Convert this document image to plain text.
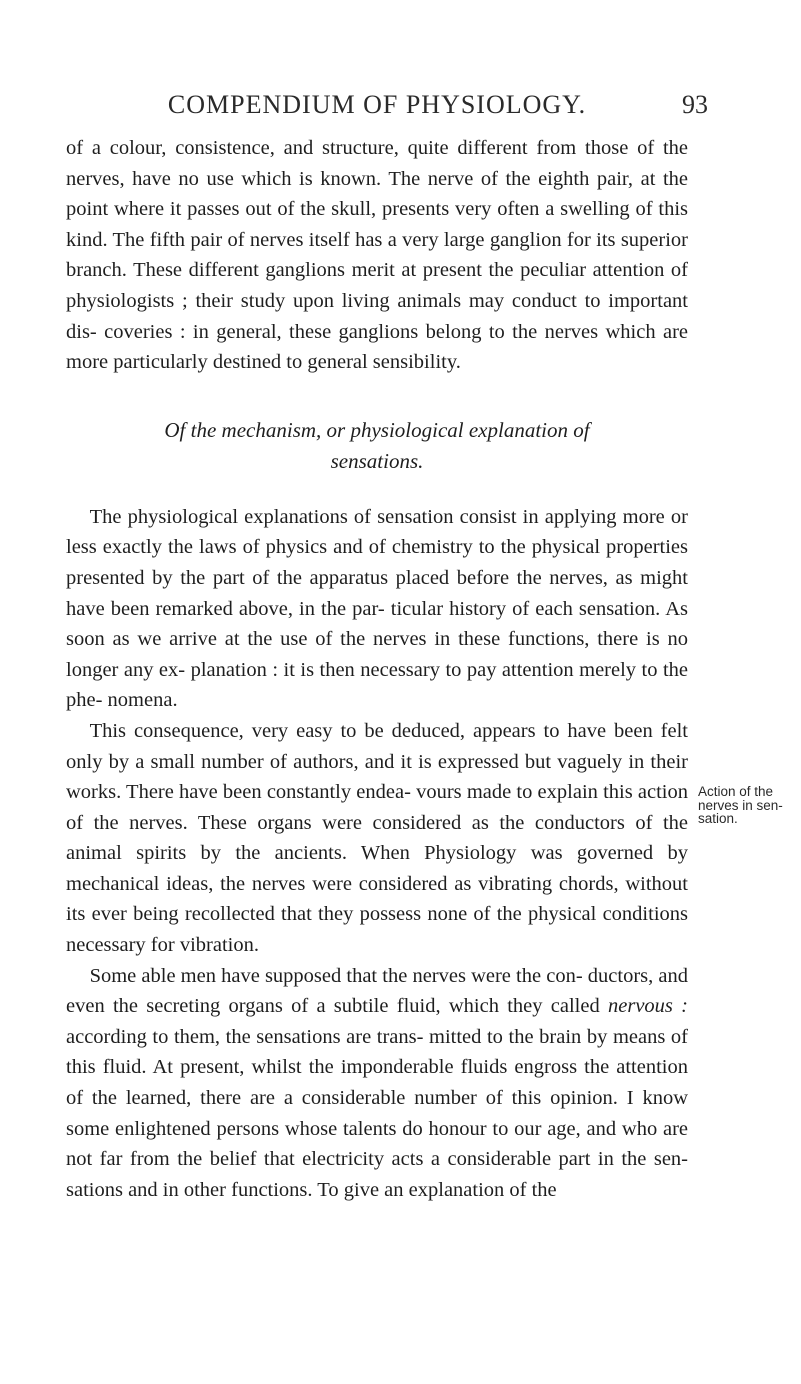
COMPENDIUM OF PHYSIOLOGY.	93

of a colour, consistence, and structure, quite different from those of the nerves, have no use which is known. The nerve of the eighth pair, at the point where it passes out of the skull, presents very often a swelling of this kind. The fifth pair of nerves itself has a very large ganglion for its superior branch. These different ganglions merit at present the peculiar attention of physiologists ; their study upon living animals may conduct to important dis- coveries : in general, these ganglions belong to the nerves which are more particularly destined to general sensibility.

Of the mechanism, or physiological explanation of sensations.

The physiological explanations of sensation consist in applying more or less exactly the laws of physics and of chemistry to the physical properties presented by the part of the apparatus placed before the nerves, as might have been remarked above, in the par- ticular history of each sensation. As soon as we arrive at the use of the nerves in these functions, there is no longer any ex- planation : it is then necessary to pay attention merely to the phe- nomena.

This consequence, very easy to be deduced, appears to have been felt only by a small number of authors, and it is expressed but vaguely in their works. There have been constantly endea- vours made to explain this action of the nerves. These organs were considered as the conductors of the animal spirits by the ancients. When Physiology was governed by mechanical ideas, the nerves were considered as vibrating chords, without its ever being recollected that they possess none of the physical conditions necessary for vibration.

Some able men have supposed that the nerves were the con- ductors, and even the secreting organs of a subtile fluid, which they called nervous : according to them, the sensations are trans- mitted to the brain by means of this fluid. At present, whilst the imponderable fluids engross the attention of the learned, there are a considerable number of this opinion. I know some enlightened persons whose talents do honour to our age, and who are not far from the belief that electricity acts a considerable part in the sen- sations and in other functions. To give an explanation of the

Action of the nerves in sen- sation.
